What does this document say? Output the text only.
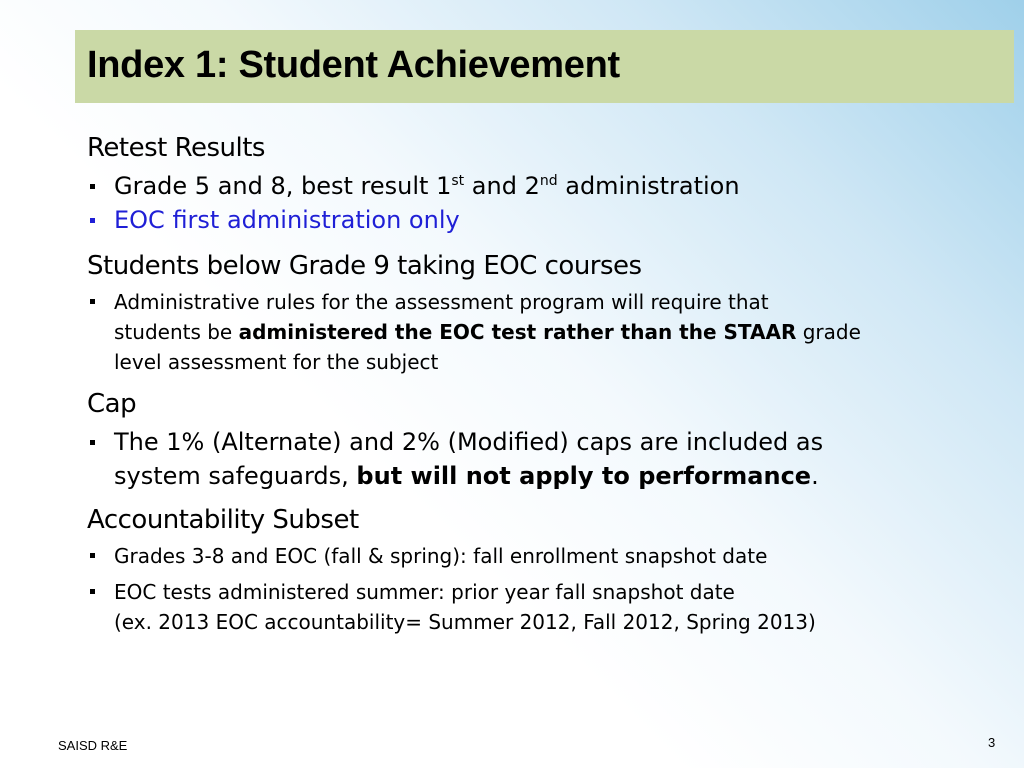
Index 1: Student Achievement
Retest Results
Grade 5 and 8, best result 1st and 2nd administration
EOC first administration only
Students below Grade 9 taking EOC courses
Administrative rules for the assessment program will require that
students be administered the EOC test rather than the STAAR grade
level assessment for the subject
Cap
The 1% (Alternate) and 2% (Modified) caps are included as
system safeguards, but will not apply to performance.
Accountability Subset
Grades 3-8 and EOC (fall & spring): fall enrollment snapshot date
EOC tests administered summer: prior year fall snapshot date
(ex. 2013 EOC accountability= Summer 2012, Fall 2012, Spring 2013)
SAISD R&E	3
